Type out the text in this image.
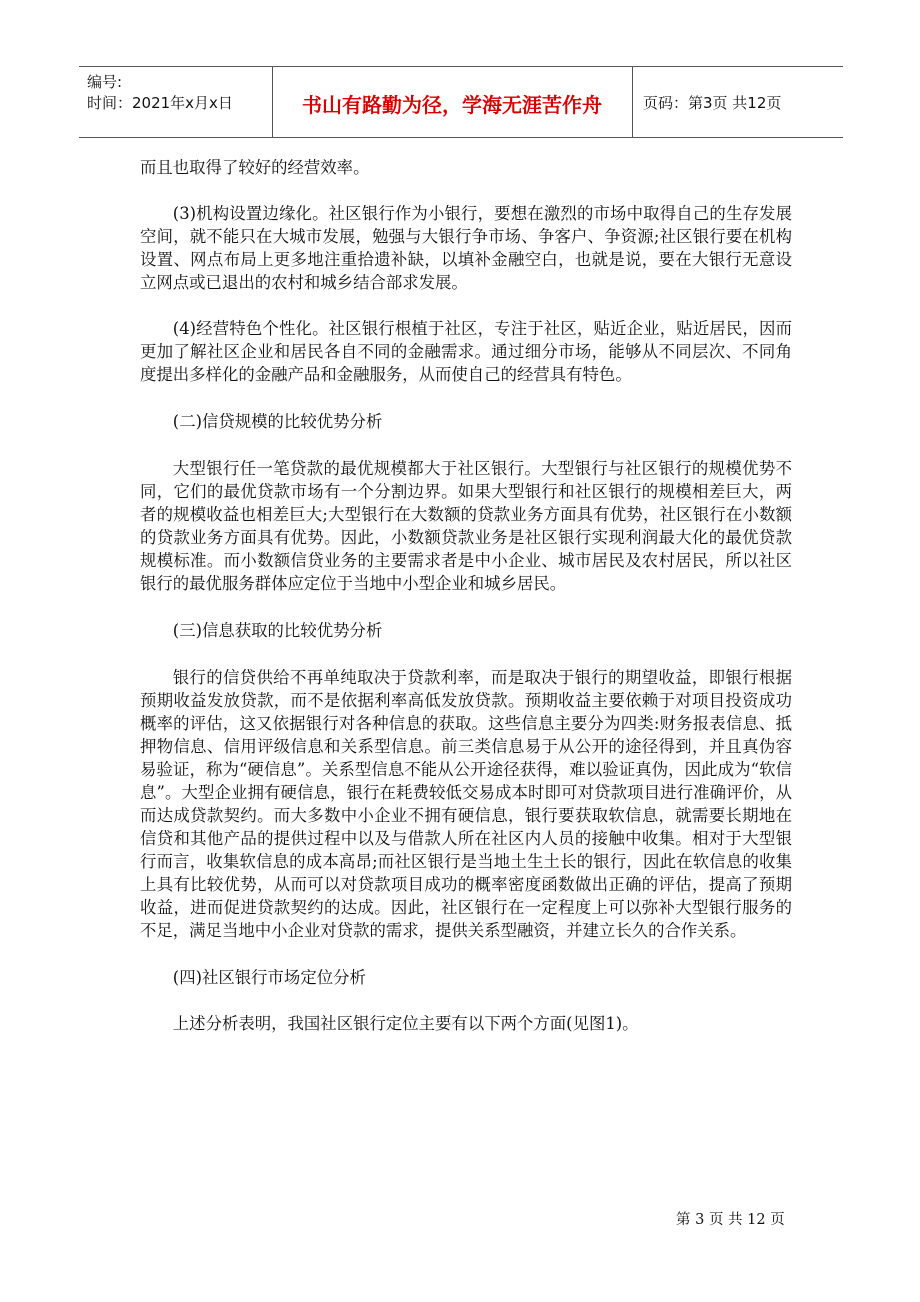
编号:
时间：2021年x月x日	书山有路勤为径，学海无涯苦作舟	页码：第3页 共12页

而且也取得了较好的经营效率。

(3)机构设置边缘化。社区银行作为小银行，要想在激烈的市场中取得自己的生存发展空间，就不能只在大城市发展，勉强与大银行争市场、争客户、争资源;社区银行要在机构设置、网点布局上更多地注重拾遗补缺，以填补金融空白，也就是说，要在大银行无意设立网点或已退出的农村和城乡结合部求发展。

(4)经营特色个性化。社区银行根植于社区，专注于社区，贴近企业，贴近居民，因而更加了解社区企业和居民各自不同的金融需求。通过细分市场，能够从不同层次、不同角度提出多样化的金融产品和金融服务，从而使自己的经营具有特色。

(二)信贷规模的比较优势分析

大型银行任一笔贷款的最优规模都大于社区银行。大型银行与社区银行的规模优势不同，它们的最优贷款市场有一个分割边界。如果大型银行和社区银行的规模相差巨大，两者的规模收益也相差巨大;大型银行在大数额的贷款业务方面具有优势，社区银行在小数额的贷款业务方面具有优势。因此，小数额贷款业务是社区银行实现利润最大化的最优贷款规模标准。而小数额信贷业务的主要需求者是中小企业、城市居民及农村居民，所以社区银行的最优服务群体应定位于当地中小型企业和城乡居民。

(三)信息获取的比较优势分析

银行的信贷供给不再单纯取决于贷款利率，而是取决于银行的期望收益，即银行根据预期收益发放贷款，而不是依据利率高低发放贷款。预期收益主要依赖于对项目投资成功概率的评估，这又依据银行对各种信息的获取。这些信息主要分为四类:财务报表信息、抵押物信息、信用评级信息和关系型信息。前三类信息易于从公开的途径得到，并且真伪容易验证，称为“硬信息”。关系型信息不能从公开途径获得，难以验证真伪，因此成为“软信息”。大型企业拥有硬信息，银行在耗费较低交易成本时即可对贷款项目进行准确评价，从而达成贷款契约。而大多数中小企业不拥有硬信息，银行要获取软信息，就需要长期地在信贷和其他产品的提供过程中以及与借款人所在社区内人员的接触中收集。相对于大型银行而言，收集软信息的成本高昂;而社区银行是当地土生土长的银行，因此在软信息的收集上具有比较优势，从而可以对贷款项目成功的概率密度函数做出正确的评估，提高了预期收益，进而促进贷款契约的达成。因此，社区银行在一定程度上可以弥补大型银行服务的不足，满足当地中小企业对贷款的需求，提供关系型融资，并建立长久的合作关系。

(四)社区银行市场定位分析

上述分析表明，我国社区银行定位主要有以下两个方面(见图1)。

第 3 页 共 12 页
